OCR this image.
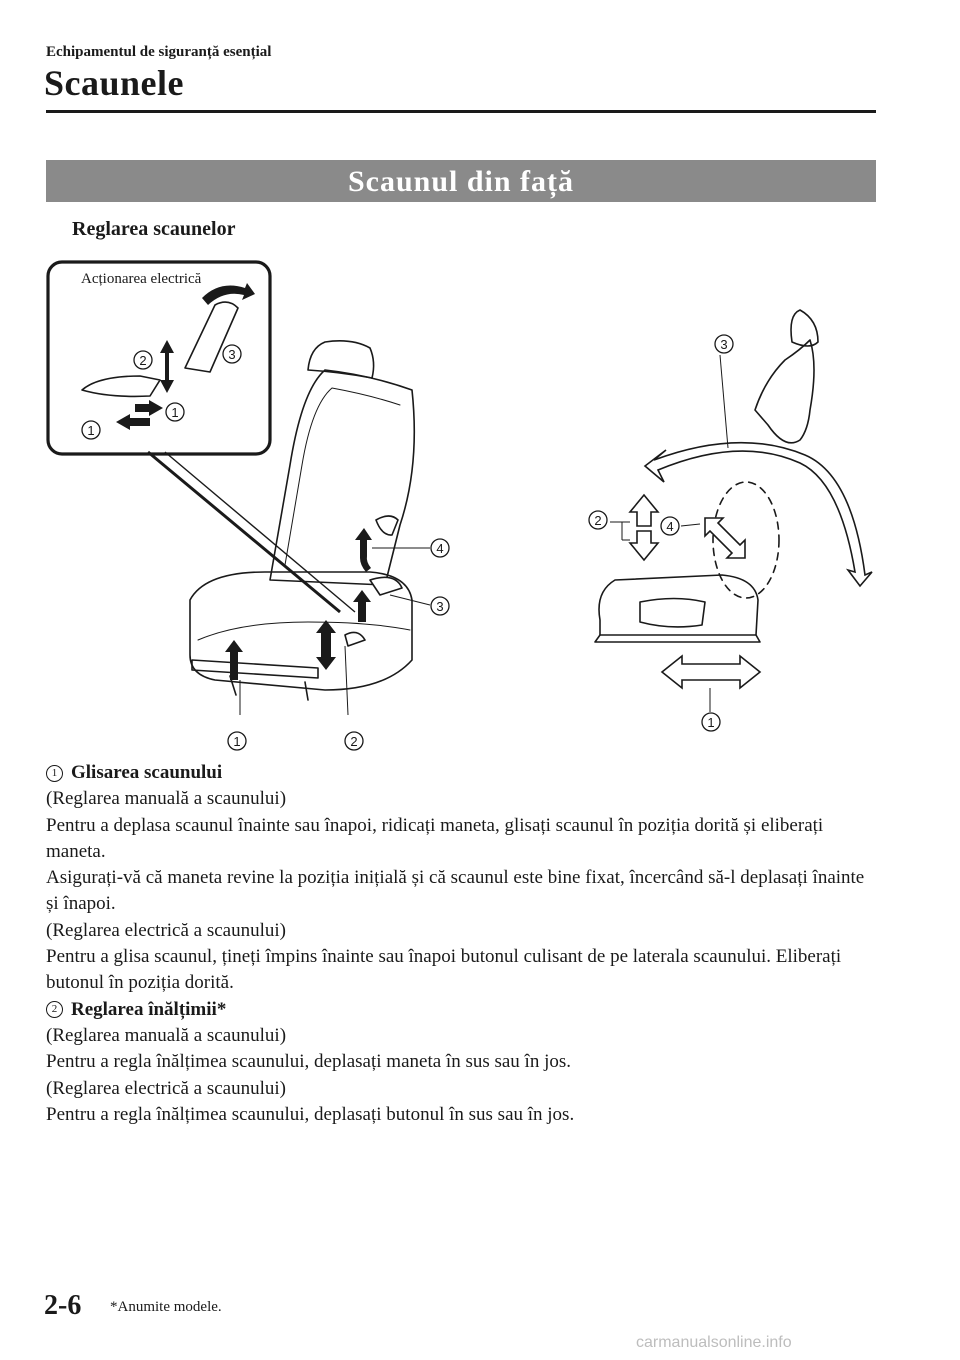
Echipamentul de siguranță esențial
Scaunele
Scaunul din față
Reglarea scaunelor
Acționarea electrică
1
1
2	3
4
3
1	2
3
2	4
1

1 Glisarea scaunului

(Reglarea manuală a scaunului)

Pentru a deplasa scaunul înainte sau înapoi, ridicați maneta, glisați scaunul în poziția dorită și eliberați maneta.

Asigurați-vă că maneta revine la poziția inițială și că scaunul este bine fixat, încercând să-l deplasați înainte și înapoi.

(Reglarea electrică a scaunului)

Pentru a glisa scaunul, țineți împins înainte sau înapoi butonul culisant de pe laterala scaunului. Eliberați butonul în poziția dorită.

2 Reglarea înălțimii*

(Reglarea manuală a scaunului)

Pentru a regla înălțimea scaunului, deplasați maneta în sus sau în jos.

(Reglarea electrică a scaunului)

Pentru a regla înălțimea scaunului, deplasați butonul în sus sau în jos.

2-6 *Anumite modele.
carmanualsonline.info
